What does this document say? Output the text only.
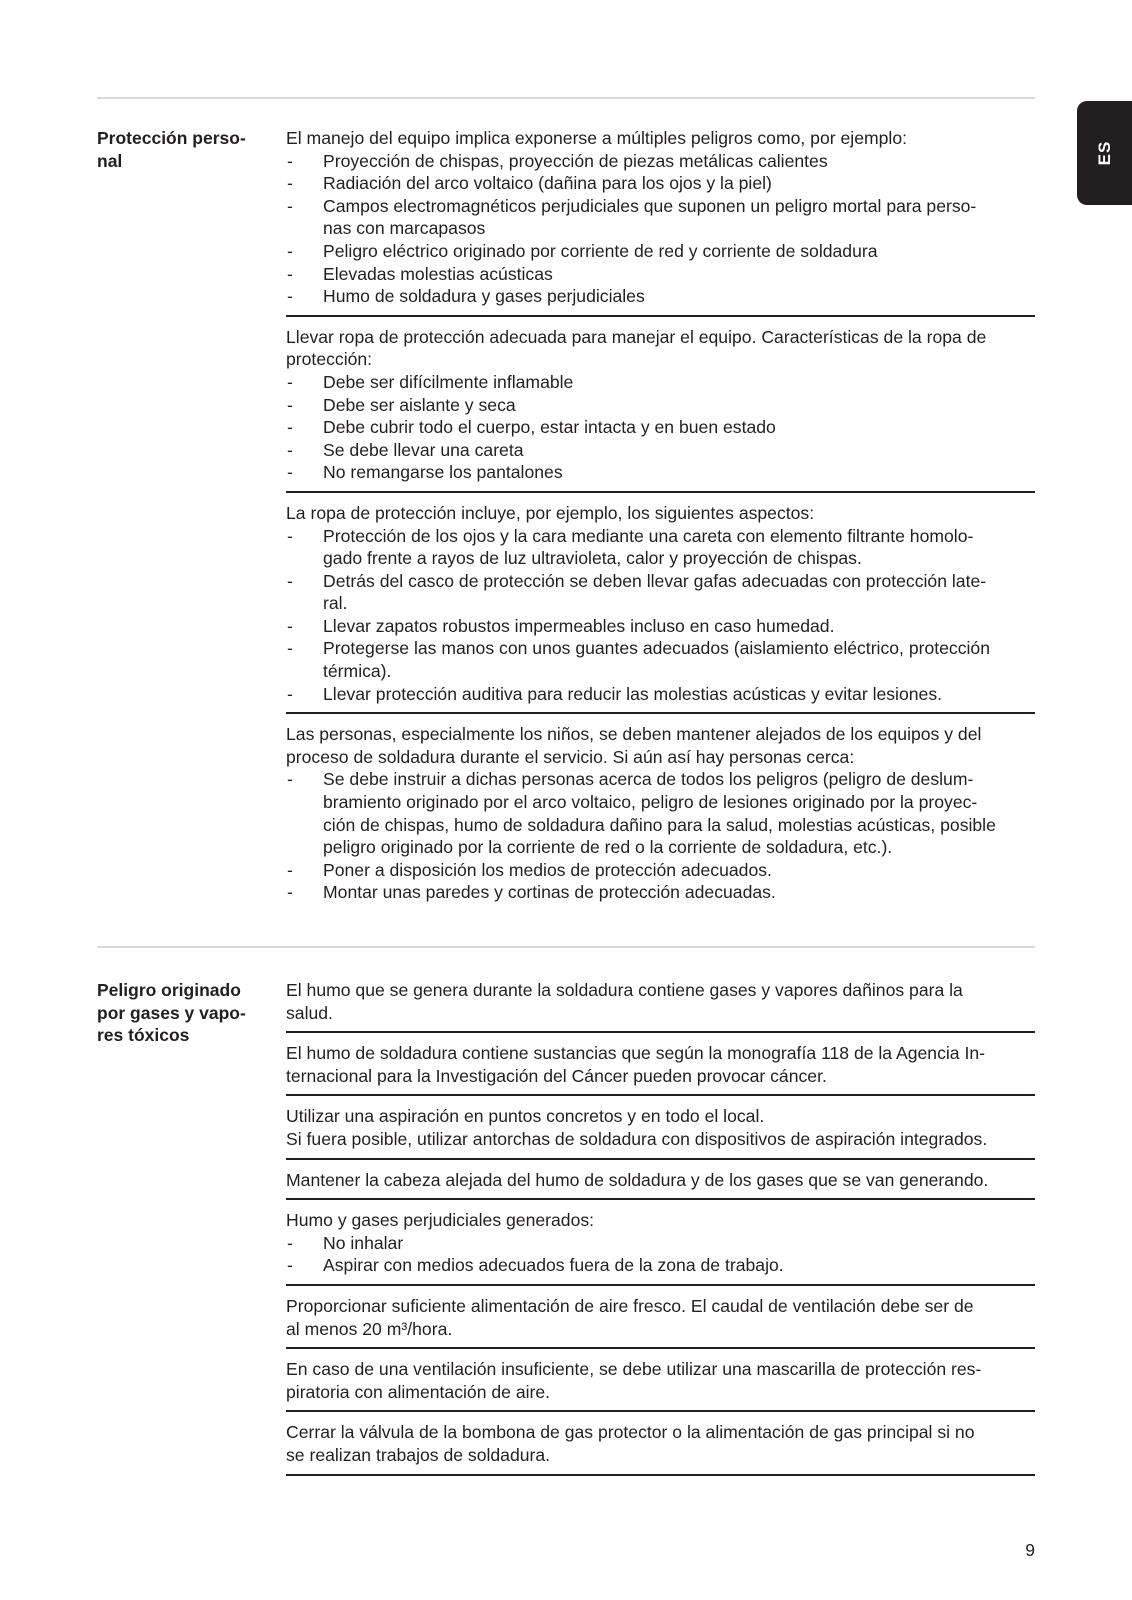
ES
Protección perso-
nal

El manejo del equipo implica exponerse a múltiples peligros como, por ejemplo:

- Proyección de chispas, proyección de piezas metálicas calientes
- Radiación del arco voltaico (dañina para los ojos y la piel)
- Campos electromagnéticos perjudiciales que suponen un peligro mortal para perso-
nas con marcapasos
- Peligro eléctrico originado por corriente de red y corriente de soldadura
- Elevadas molestias acústicas
- Humo de soldadura y gases perjudiciales

Llevar ropa de protección adecuada para manejar el equipo. Características de la ropa de
protección:

- Debe ser difícilmente inflamable
- Debe ser aislante y seca
- Debe cubrir todo el cuerpo, estar intacta y en buen estado
- Se debe llevar una careta
- No remangarse los pantalones

La ropa de protección incluye, por ejemplo, los siguientes aspectos:

- Protección de los ojos y la cara mediante una careta con elemento filtrante homolo-
gado frente a rayos de luz ultravioleta, calor y proyección de chispas.
- Detrás del casco de protección se deben llevar gafas adecuadas con protección late-
ral.
- Llevar zapatos robustos impermeables incluso en caso humedad.
- Protegerse las manos con unos guantes adecuados (aislamiento eléctrico, protección
térmica).
- Llevar protección auditiva para reducir las molestias acústicas y evitar lesiones.

Las personas, especialmente los niños, se deben mantener alejados de los equipos y del
proceso de soldadura durante el servicio. Si aún así hay personas cerca:

- Se debe instruir a dichas personas acerca de todos los peligros (peligro de deslum-
bramiento originado por el arco voltaico, peligro de lesiones originado por la proyec-
ción de chispas, humo de soldadura dañino para la salud, molestias acústicas, posible
peligro originado por la corriente de red o la corriente de soldadura, etc.).
- Poner a disposición los medios de protección adecuados.
- Montar unas paredes y cortinas de protección adecuadas.
Peligro originado
por gases y vapo-
res tóxicos

El humo que se genera durante la soldadura contiene gases y vapores dañinos para la
salud.

El humo de soldadura contiene sustancias que según la monografía 118 de la Agencia In-
ternacional para la Investigación del Cáncer pueden provocar cáncer.

Utilizar una aspiración en puntos concretos y en todo el local.
Si fuera posible, utilizar antorchas de soldadura con dispositivos de aspiración integrados.

Mantener la cabeza alejada del humo de soldadura y de los gases que se van generando.

Humo y gases perjudiciales generados:

- No inhalar
- Aspirar con medios adecuados fuera de la zona de trabajo.

Proporcionar suficiente alimentación de aire fresco. El caudal de ventilación debe ser de
al menos 20 m³/hora.

En caso de una ventilación insuficiente, se debe utilizar una mascarilla de protección res-
piratoria con alimentación de aire.

Cerrar la válvula de la bombona de gas protector o la alimentación de gas principal si no
se realizan trabajos de soldadura.

9
